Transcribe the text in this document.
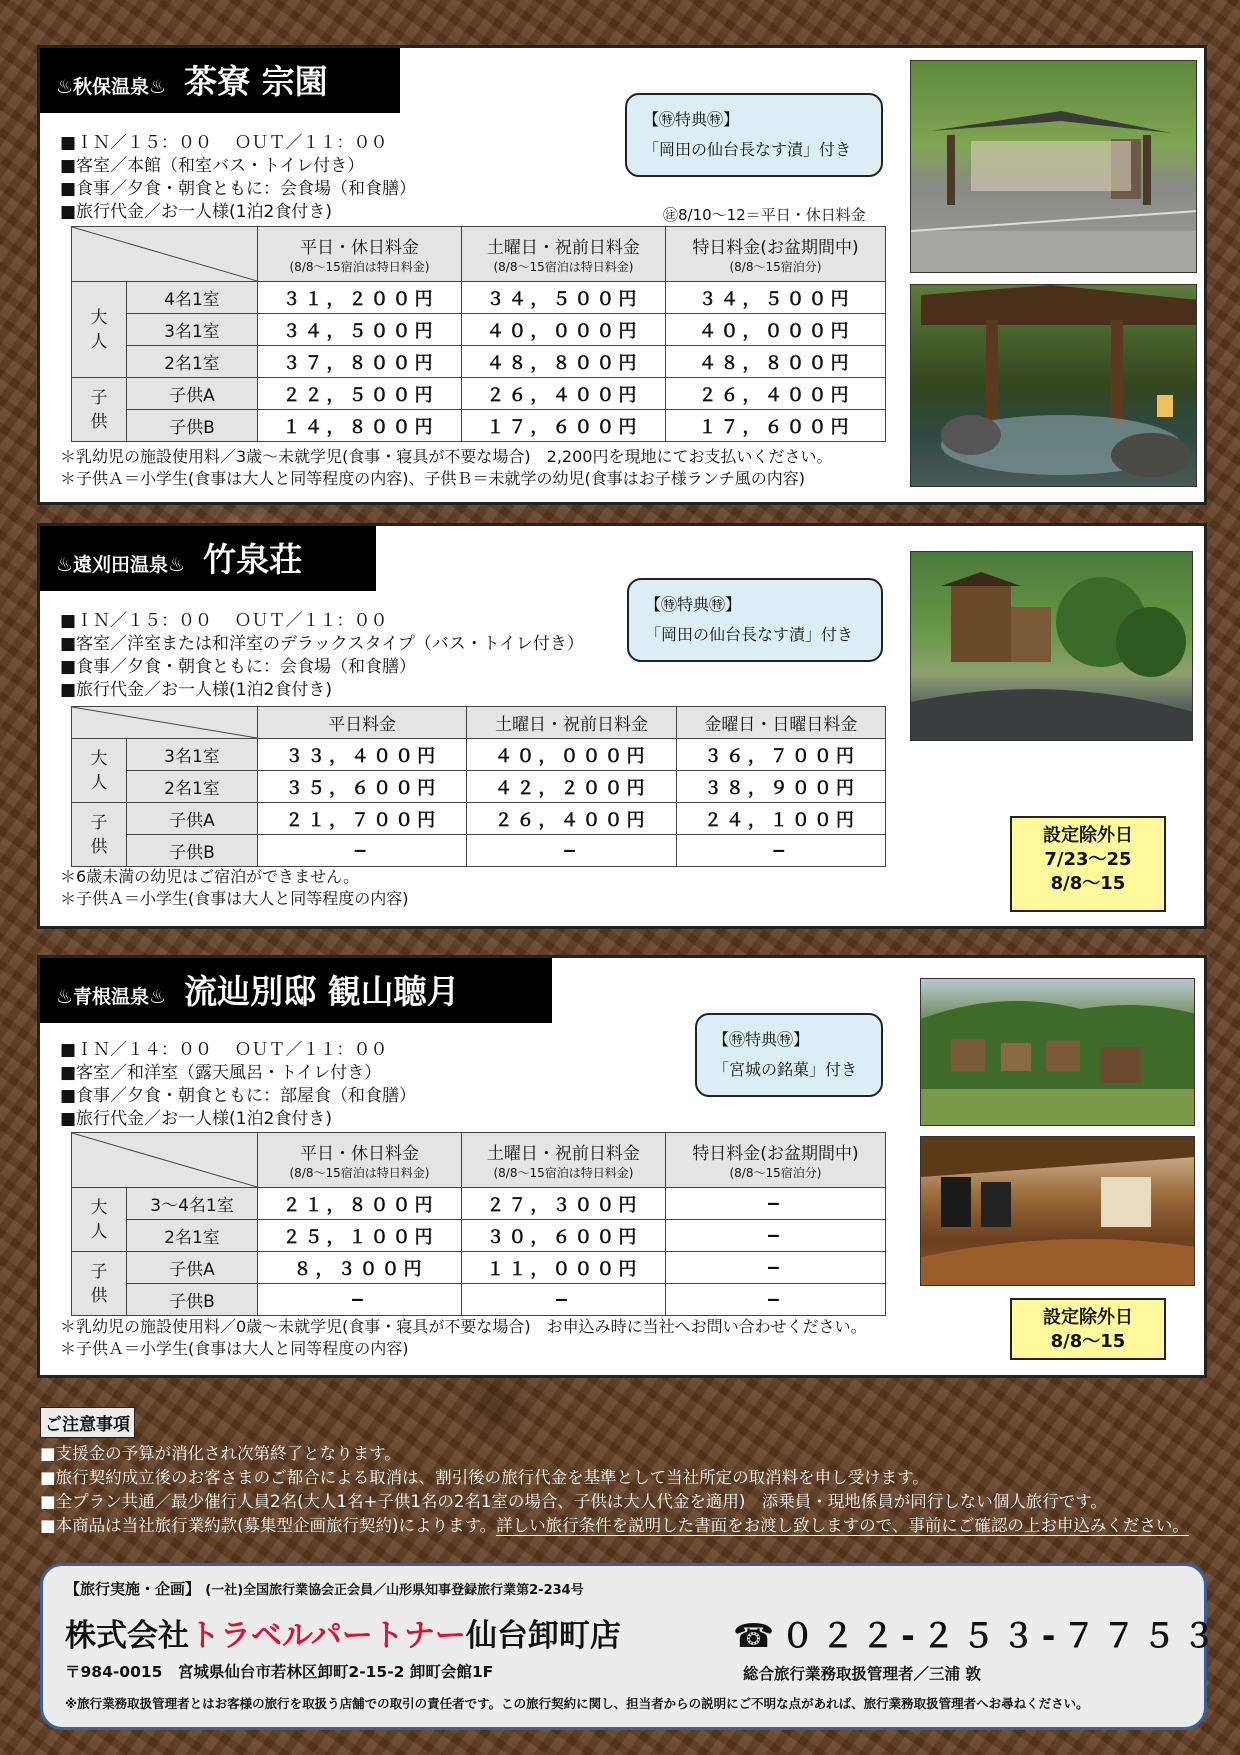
♨秋保温泉♨ 茶寮 宗園
■ＩＮ／１５：００　 ＯＵＴ／１１：００
■客室／本館（和室バス・トイレ付き）
■食事／夕食・朝食ともに：会食場（和食膳）
■旅行代金／お一人様(1泊2食付き)
【㊕特典㊕】
「岡田の仙台長なす漬」付き
㊟8/10～12＝平日・休日料金
	平日・休日料金
(8/8～15宿泊は特日料金)	土曜日・祝前日料金
(8/8～15宿泊は特日料金)	特日料金(お盆期間中)
(8/8～15宿泊分)

大
人	4名1室	３１，２００円	３４，５００円	３４，５００円
	3名1室	３４，５００円	４０，０００円	４０，０００円
	2名1室	３７，８００円	４８，８００円	４８，８００円
子
供	子供A	２２，５００円	２６，４００円	２６，４００円
	子供B	１４，８００円	１７，６００円	１７，６００円
＊乳幼児の施設使用料／3歳～未就学児(食事・寝具が不要な場合)　2,200円を現地にてお支払いください。
＊子供Ａ＝小学生(食事は大人と同等程度の内容)、子供Ｂ＝未就学の幼児(食事はお子様ランチ風の内容)
♨遠刈田温泉♨ 竹泉荘
■ＩＮ／１５：００　 ＯＵＴ／１１：００
■客室／洋室または和洋室のデラックスタイプ（バス・トイレ付き）
■食事／夕食・朝食ともに：会食場（和食膳）
■旅行代金／お一人様(1泊2食付き)
【㊕特典㊕】
「岡田の仙台長なす漬」付き
	平日料金	土曜日・祝前日料金	金曜日・日曜日料金
大
人	3名1室	３３，４００円	４０，０００円	３６，７００円
	2名1室	３５，６００円	４２，２００円	３８，９００円
子
供	子供A	２１，７００円	２６，４００円	２４，１００円
	子供B	―	―	―
＊6歳未満の幼児はご宿泊ができません。
＊子供Ａ＝小学生(食事は大人と同等程度の内容)
設定除外日
7/23～25
8/8～15
♨青根温泉♨ 流辿別邸 観山聴月
■ＩＮ／１４：００　 ＯＵＴ／１１：００
■客室／和洋室（露天風呂・トイレ付き）
■食事／夕食・朝食ともに：部屋食（和食膳）
■旅行代金／お一人様(1泊2食付き)
【㊕特典㊕】
「宮城の銘菓」付き
	平日・休日料金
(8/8～15宿泊は特日料金)	土曜日・祝前日料金
(8/8～15宿泊は特日料金)	特日料金(お盆期間中)
(8/8～15宿泊分)

大
人	3～4名1室	２１，８００円	２７，３００円	―
	2名1室	２５，１００円	３０，６００円	―
子
供	子供A	８，３００円	１１，０００円	―
	子供B	―	―	―
＊乳幼児の施設使用料／0歳～未就学児(食事・寝具が不要な場合)　お申込み時に当社へお問い合わせください。
＊子供Ａ＝小学生(食事は大人と同等程度の内容)
設定除外日
8/8～15
ご注意事項
■支援金の予算が消化され次第終了となります。
■旅行契約成立後のお客さまのご都合による取消は、割引後の旅行代金を基準として当社所定の取消料を申し受けます。
■全プラン共通／最少催行人員2名(大人1名+子供1名の2名1室の場合、子供は大人代金を適用)　添乗員・現地係員が同行しない個人旅行です。
■本商品は当社旅行業約款(募集型企画旅行契約)によります。詳しい旅行条件を説明した書面をお渡し致しますので、事前にご確認の上お申込みください。
【旅行実施・企画】 (一社)全国旅行業協会正会員／山形県知事登録旅行業第2-234号
株式会社トラベルパートナー仙台卸町店
〒984-0015　宮城県仙台市若林区卸町2-15-2 卸町会館1F
☎０２２-２５３-７７５３
総合旅行業務取扱管理者／三浦 敦
※旅行業務取扱管理者とはお客様の旅行を取扱う店舗での取引の責任者です。この旅行契約に関し、担当者からの説明にご不明な点があれば、旅行業務取扱管理者へお尋ねください。
